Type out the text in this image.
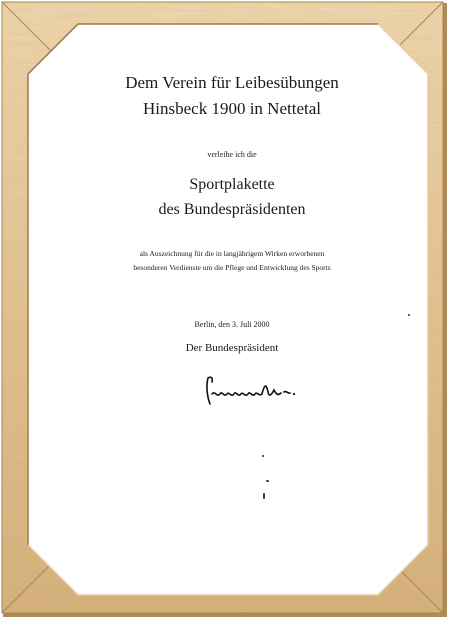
Dem Verein für Leibesübungen
Hinsbeck 1900 in Nettetal
verleihe ich die
Sportplakette
des Bundespräsidenten
als Auszeichnung für die in langjährigem Wirken erworbenen
besonderen Verdienste um die Pflege und Entwicklung des Sports
Berlin, den 3. Juli 2000
Der Bundespräsident
